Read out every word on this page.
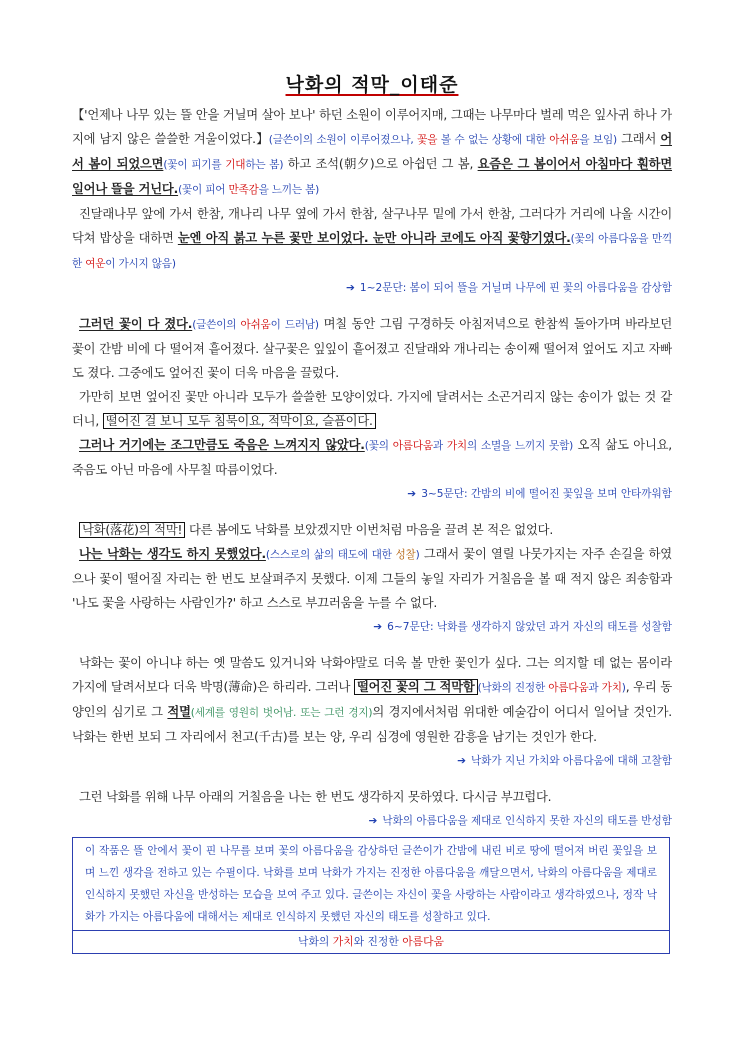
낙화의 적막_이태준

【'언제나 나무 있는 뜰 안을 거닐며 살아 보나' 하던 소원이 이루어지매, 그때는 나무마다 벌레 먹은 잎사귀 하나 가지에 남지 않은 쓸쓸한 겨울이었다.】(글쓴이의 소원이 이루어졌으나, 꽃을 볼 수 없는 상황에 대한 아쉬움을 보임) 그래서 어서 봄이 되었으면(꽃이 피기를 기대하는 봄) 하고 조석(朝夕)으로 아쉽던 그 봄, 요즘은 그 봄이어서 아침마다 훤하면 일어나 뜰을 거닌다.(꽃이 피어 만족감을 느끼는 봄)

진달래나무 앞에 가서 한참, 개나리 나무 옆에 가서 한참, 살구나무 밑에 가서 한참, 그러다가 거리에 나올 시간이 닥쳐 밥상을 대하면 눈엔 아직 붉고 누른 꽃만 보이었다. 눈만 아니라 코에도 아직 꽃향기였다.(꽃의 아름다움을 만끽한 여운이 가시지 않음)

➔ 1~2문단: 봄이 되어 뜰을 거닐며 나무에 핀 꽃의 아름다움을 감상함

그러던 꽃이 다 졌다.(글쓴이의 아쉬움이 드러남) 며칠 동안 그림 구경하듯 아침저녁으로 한참씩 돌아가며 바라보던 꽃이 간밤 비에 다 떨어져 흩어졌다. 살구꽃은 잎잎이 흩어졌고 진달래와 개나리는 송이째 떨어져 엎어도 지고 자빠도 졌다. 그중에도 엎어진 꽃이 더욱 마음을 끌렀다.

가만히 보면 엎어진 꽃만 아니라 모두가 쓸쓸한 모양이었다. 가지에 달려서는 소곤거리지 않는 송이가 없는 것 같더니, 떨어진 걸 보니 모두 침묵이요, 적막이요, 슬픔이다.

그러나 거기에는 조그만큼도 죽음은 느껴지지 않았다.(꽃의 아름다움과 가치의 소멸을 느끼지 못함) 오직 삶도 아니요, 죽음도 아닌 마음에 사무칠 따름이었다.

➔ 3~5문단: 간밤의 비에 떨어진 꽃잎을 보며 안타까워함

낙화(落花)의 적막! 다른 봄에도 낙화를 보았겠지만 이번처럼 마음을 끌려 본 적은 없었다.

나는 낙화는 생각도 하지 못했었다.(스스로의 삶의 태도에 대한 성찰) 그래서 꽃이 열릴 나뭇가지는 자주 손길을 하였으나 꽃이 떨어질 자리는 한 번도 보살펴주지 못했다. 이제 그들의 놓일 자리가 거칠음을 볼 때 적지 않은 죄송함과 '나도 꽃을 사랑하는 사람인가?' 하고 스스로 부끄러움을 누를 수 없다.

➔ 6~7문단: 낙화를 생각하지 않았던 과거 자신의 태도를 성찰함

낙화는 꽃이 아니냐 하는 옛 말씀도 있거니와 낙화야말로 더욱 볼 만한 꽃인가 싶다. 그는 의지할 데 없는 몸이라 가지에 달려서보다 더욱 박명(薄命)은 하리라. 그러나 떨어진 꽃의 그 적막함 (낙화의 진정한 아름다움과 가치), 우리 동양인의 심기로 그 적멸(세계를 영원히 벗어남. 또는 그런 경지)의 경지에서처럼 위대한 예술감이 어디서 일어날 것인가. 낙화는 한번 보되 그 자리에서 천고(千古)를 보는 양, 우리 심경에 영원한 감흥을 남기는 것인가 한다.

➔ 낙화가 지닌 가치와 아름다움에 대해 고찰함

그런 낙화를 위해 나무 아래의 거칠음을 나는 한 번도 생각하지 못하였다. 다시금 부끄럽다.

➔ 낙화의 아름다움을 제대로 인식하지 못한 자신의 태도를 반성함
이 작품은 뜰 안에서 꽃이 핀 나무를 보며 꽃의 아름다움을 감상하던 글쓴이가 간밤에 내린 비로 땅에 떨어져 버린 꽃잎을 보며 느낀 생각을 전하고 있는 수필이다. 낙화를 보며 낙화가 가지는 진정한 아름다움을 깨달으면서, 낙화의 아름다움을 제대로 인식하지 못했던 자신을 반성하는 모습을 보여 주고 있다. 글쓴이는 자신이 꽃을 사랑하는 사람이라고 생각하였으나, 정작 낙화가 가지는 아름다움에 대해서는 제대로 인식하지 못했던 자신의 태도를 성찰하고 있다.
낙화의 가치와 진정한 아름다움
